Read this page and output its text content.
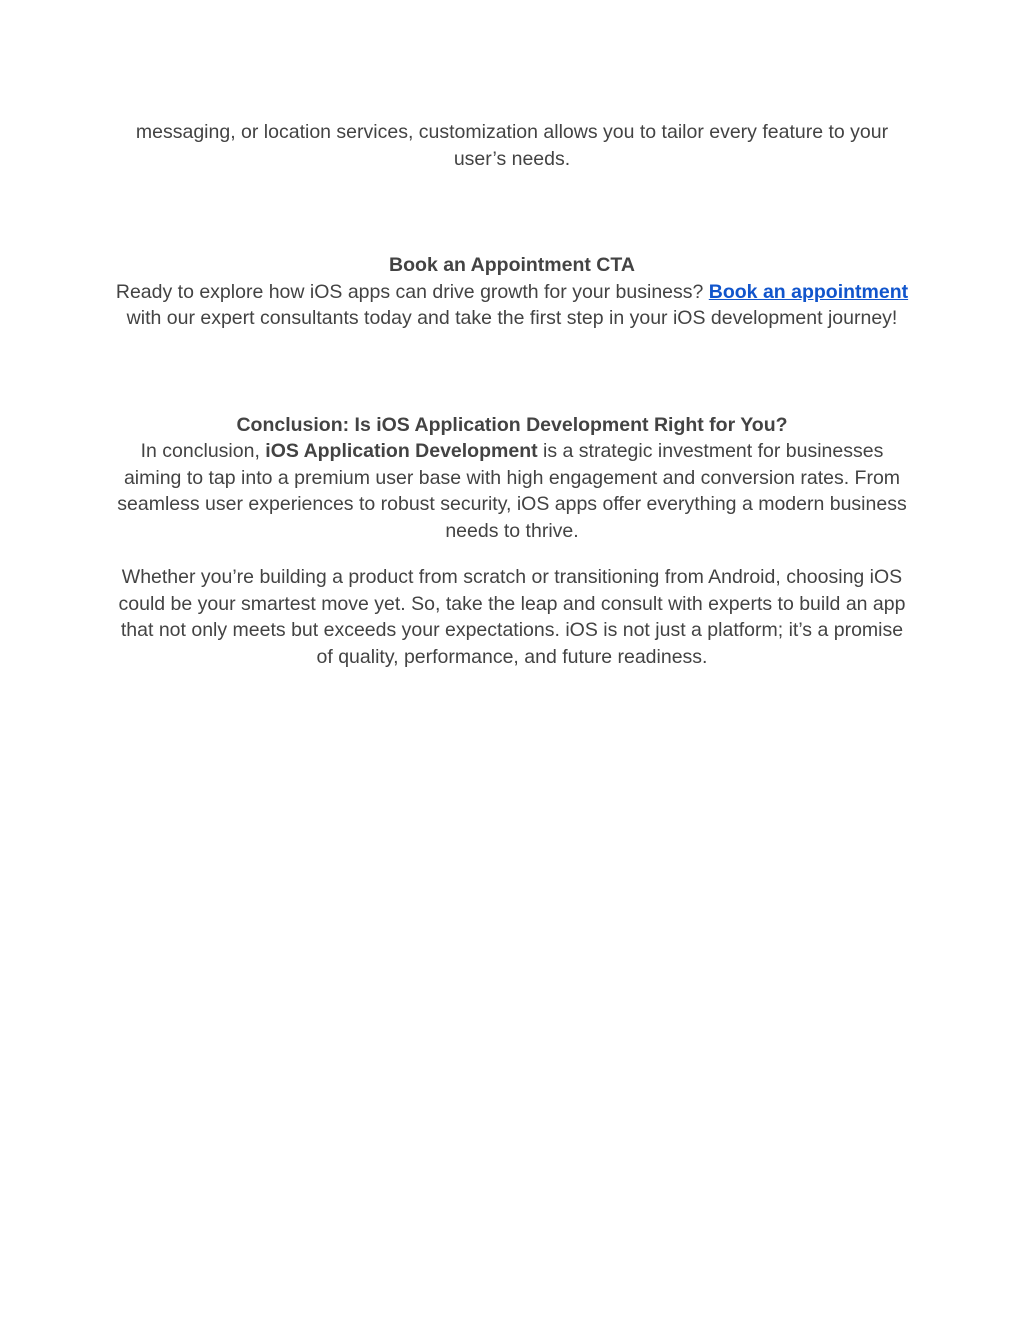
messaging, or location services, customization allows you to tailor every feature to your user’s needs.

Book an Appointment CTA

Ready to explore how iOS apps can drive growth for your business? Book an appointment with our expert consultants today and take the first step in your iOS development journey!

Conclusion: Is iOS Application Development Right for You?

In conclusion, iOS Application Development is a strategic investment for businesses aiming to tap into a premium user base with high engagement and conversion rates. From seamless user experiences to robust security, iOS apps offer everything a modern business needs to thrive.

Whether you’re building a product from scratch or transitioning from Android, choosing iOS could be your smartest move yet. So, take the leap and consult with experts to build an app that not only meets but exceeds your expectations. iOS is not just a platform; it’s a promise of quality, performance, and future readiness.
